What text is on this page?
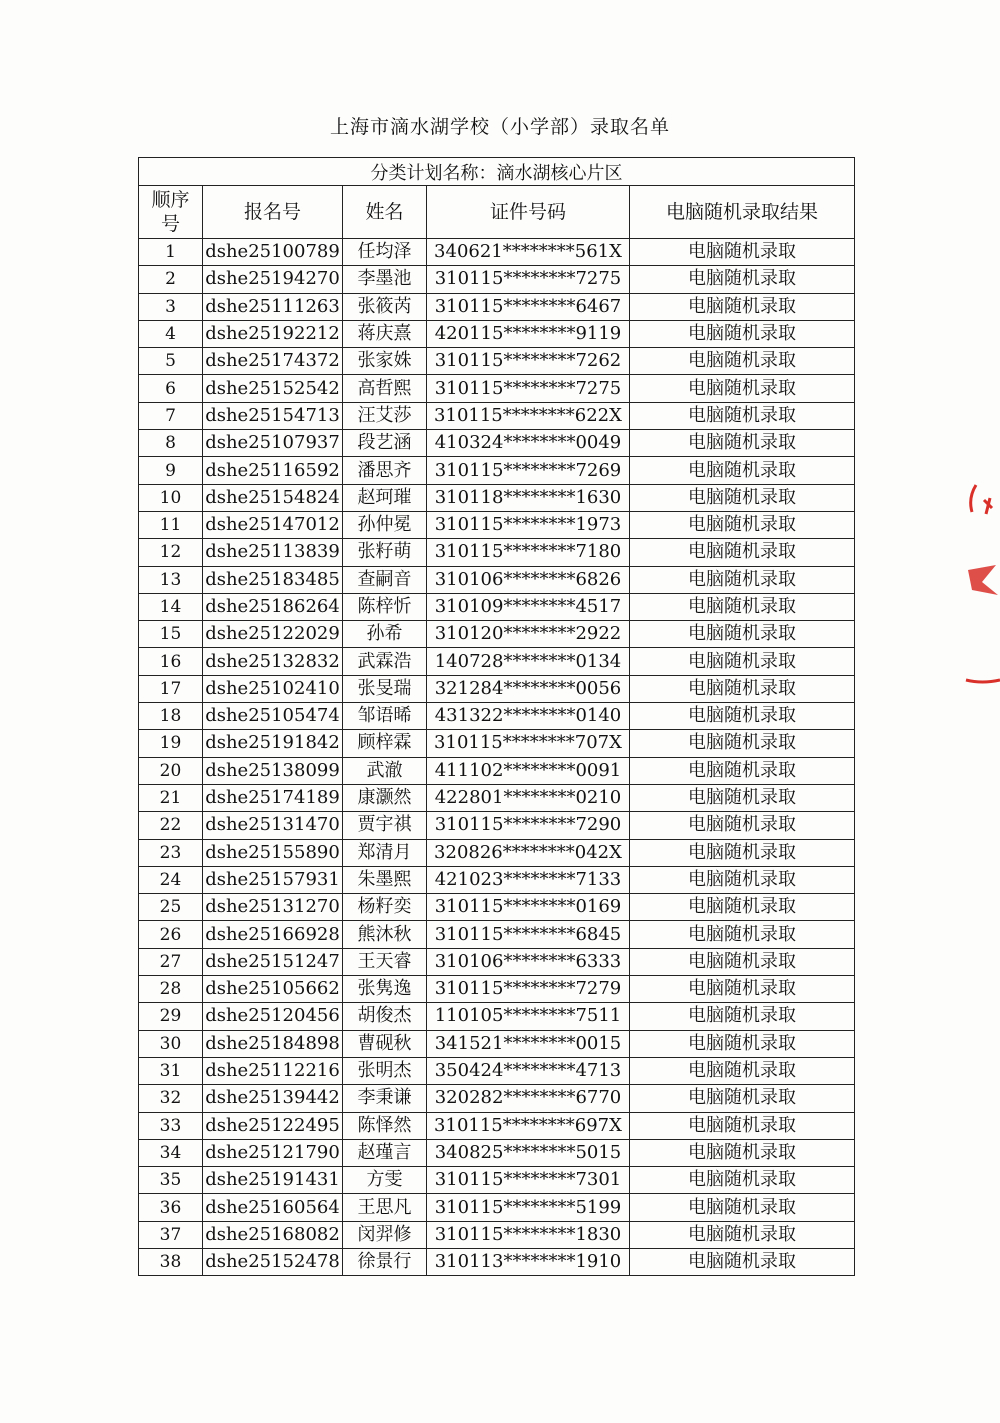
上海市滴水湖学校（小学部）录取名单
分类计划名称：滴水湖核心片区				
顺序号	报名号	姓名	证件号码	电脑随机录取结果
1	dshe25100789	任均泽	340621********561X	电脑随机录取
2	dshe25194270	李墨池	310115********7275	电脑随机录取
3	dshe25111263	张筱芮	310115********6467	电脑随机录取
4	dshe25192212	蒋庆熹	420115********9119	电脑随机录取
5	dshe25174372	张家姝	310115********7262	电脑随机录取
6	dshe25152542	高哲熙	310115********7275	电脑随机录取
7	dshe25154713	汪艾莎	310115********622X	电脑随机录取
8	dshe25107937	段艺涵	410324********0049	电脑随机录取
9	dshe25116592	潘思齐	310115********7269	电脑随机录取
10	dshe25154824	赵珂璀	310118********1630	电脑随机录取
11	dshe25147012	孙仲冕	310115********1973	电脑随机录取
12	dshe25113839	张籽萌	310115********7180	电脑随机录取
13	dshe25183485	查嗣音	310106********6826	电脑随机录取
14	dshe25186264	陈梓忻	310109********4517	电脑随机录取
15	dshe25122029	孙希	310120********2922	电脑随机录取
16	dshe25132832	武霖浩	140728********0134	电脑随机录取
17	dshe25102410	张旻瑞	321284********0056	电脑随机录取
18	dshe25105474	邹语晞	431322********0140	电脑随机录取
19	dshe25191842	顾梓霖	310115********707X	电脑随机录取
20	dshe25138099	武澈	411102********0091	电脑随机录取
21	dshe25174189	康灏然	422801********0210	电脑随机录取
22	dshe25131470	贾宇祺	310115********7290	电脑随机录取
23	dshe25155890	郑清月	320826********042X	电脑随机录取
24	dshe25157931	朱墨熙	421023********7133	电脑随机录取
25	dshe25131270	杨籽奕	310115********0169	电脑随机录取
26	dshe25166928	熊沐秋	310115********6845	电脑随机录取
27	dshe25151247	王天睿	310106********6333	电脑随机录取
28	dshe25105662	张隽逸	310115********7279	电脑随机录取
29	dshe25120456	胡俊杰	110105********7511	电脑随机录取
30	dshe25184898	曹砚秋	341521********0015	电脑随机录取
31	dshe25112216	张明杰	350424********4713	电脑随机录取
32	dshe25139442	李秉谦	320282********6770	电脑随机录取
33	dshe25122495	陈怿然	310115********697X	电脑随机录取
34	dshe25121790	赵瑾言	340825********5015	电脑随机录取
35	dshe25191431	方雯	310115********7301	电脑随机录取
36	dshe25160564	王思凡	310115********5199	电脑随机录取
37	dshe25168082	闵羿修	310115********1830	电脑随机录取
38	dshe25152478	徐景行	310113********1910	电脑随机录取
